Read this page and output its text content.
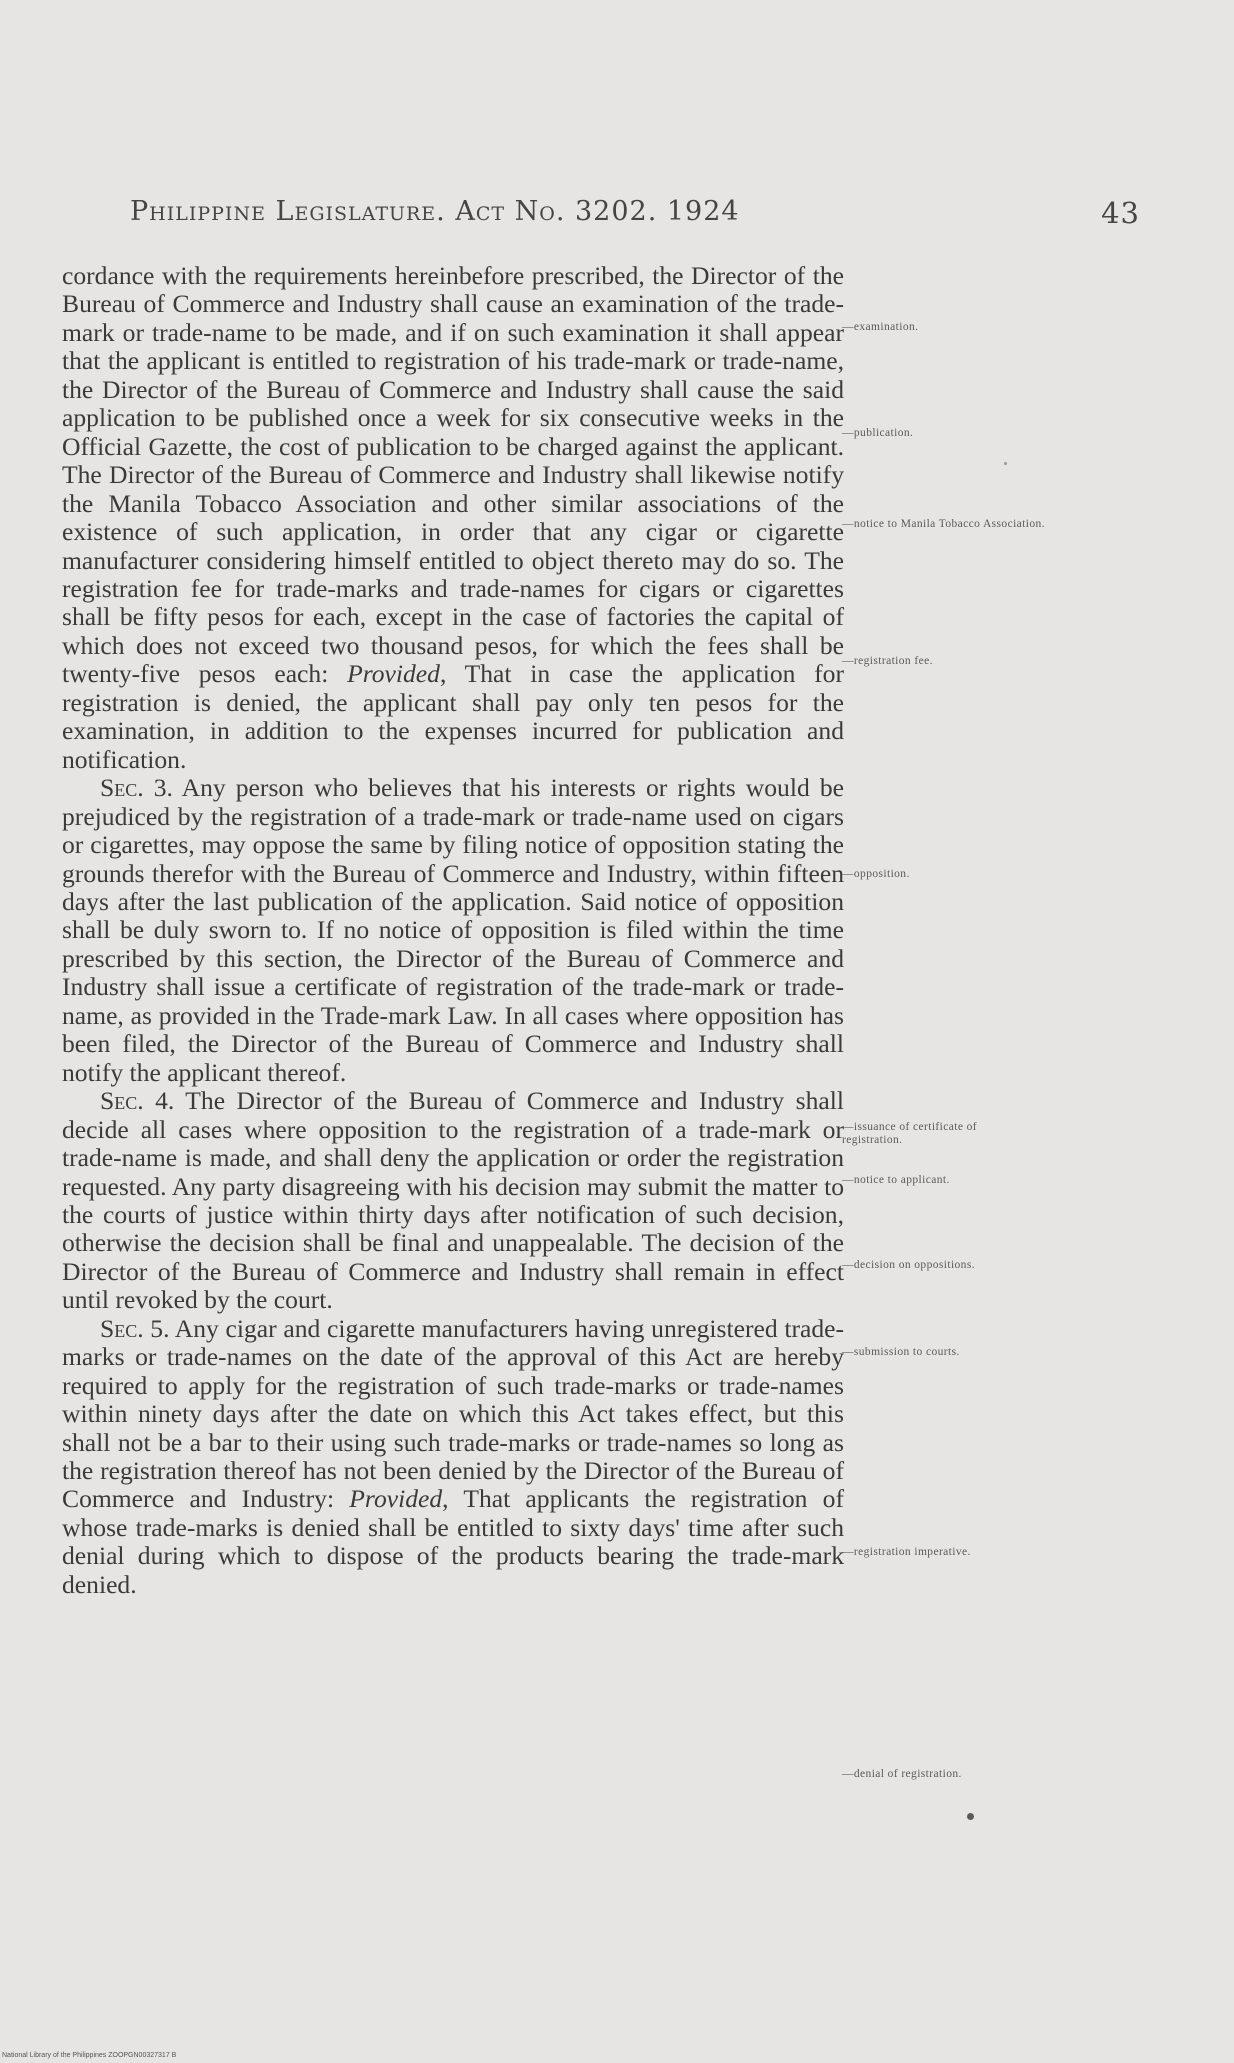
Philippine Legislature. Act No. 3202. 1924	43

cordance with the requirements hereinbefore prescribed, the Director of the Bureau of Commerce and Industry shall cause an examination of the trade-mark or trade-name to be made, and if on such examination it shall appear that the applicant is entitled to registration of his trade-mark or trade-name, the Director of the Bureau of Commerce and Industry shall cause the said application to be published once a week for six consecutive weeks in the Official Gazette, the cost of publication to be charged against the applicant. The Director of the Bureau of Commerce and Industry shall likewise notify the Manila Tobacco Association and other similar associations of the existence of such application, in order that any cigar or cigarette manufacturer considering himself entitled to object thereto may do so. The registration fee for trade-marks and trade-names for cigars or cigarettes shall be fifty pesos for each, except in the case of factories the capital of which does not exceed two thousand pesos, for which the fees shall be twenty-five pesos each: Provided, That in case the application for registration is denied, the applicant shall pay only ten pesos for the examination, in addition to the expenses incurred for publication and notification.

Sec. 3. Any person who believes that his interests or rights would be prejudiced by the registration of a trade-mark or trade-name used on cigars or cigarettes, may oppose the same by filing notice of opposition stating the grounds therefor with the Bureau of Commerce and Industry, within fifteen days after the last publication of the application. Said notice of opposition shall be duly sworn to. If no notice of opposition is filed within the time prescribed by this section, the Director of the Bureau of Commerce and Industry shall issue a certificate of registration of the trade-mark or trade-name, as provided in the Trade-mark Law. In all cases where opposition has been filed, the Director of the Bureau of Commerce and Industry shall notify the applicant thereof.

Sec. 4. The Director of the Bureau of Commerce and Industry shall decide all cases where opposition to the registration of a trade-mark or trade-name is made, and shall deny the application or order the registration requested. Any party disagreeing with his decision may submit the matter to the courts of justice within thirty days after notification of such decision, otherwise the decision shall be final and unappealable. The decision of the Director of the Bureau of Commerce and Industry shall remain in effect until revoked by the court.

Sec. 5. Any cigar and cigarette manufacturers having unregistered trade-marks or trade-names on the date of the approval of this Act are hereby required to apply for the registration of such trade-marks or trade-names within ninety days after the date on which this Act takes effect, but this shall not be a bar to their using such trade-marks or trade-names so long as the registration thereof has not been denied by the Director of the Bureau of Commerce and Industry: Provided, That applicants the registration of whose trade-marks is denied shall be entitled to sixty days' time after such denial during which to dispose of the products bearing the trade-mark denied.

—examination.
—publication.
—notice to Manila Tobacco Association.
—registration fee.
—opposition.
—issuance of certificate of registration.
—notice to applicant.
—decision on oppositions.
—submission to courts.
—registration imperative.
—denial of registration.
National Library of the Philippines ZOOPGN00327317 B
